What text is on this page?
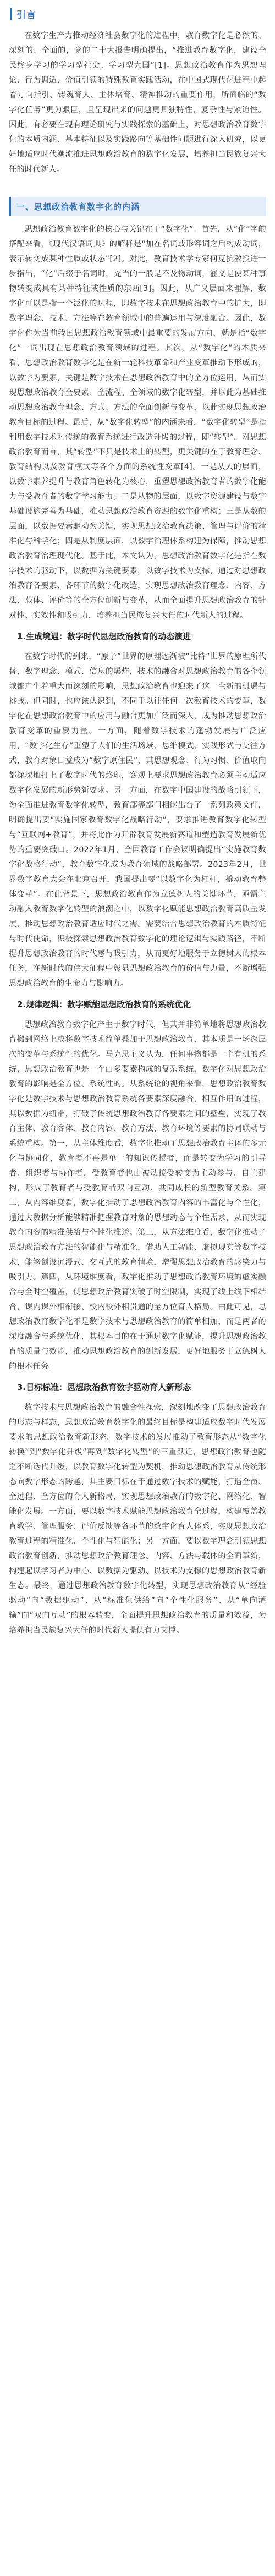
引言

在数字生产力推动经济社会数字化的进程中，教育数字化是必然的、深刻的、全面的，党的二十大报告明确提出，“推进教育数字化，建设全民终身学习的学习型社会、学习型大国”[1]。思想政治教育作为思想理论、行为调适、价值引领的特殊教育实践活动，在中国式现代化进程中起着方向指引、铸魂育人、主体培育、精神推动的重要作用，所面临的“数字化任务”更为艰巨，且呈现出来的问题更具独特性、复杂性与紧迫性。因此，有必要在现有理论研究与实践探索的基础上，对思想政治教育数字化的本质内涵、基本特征以及实践路向等基础性问题进行深入研究，以更好地适应时代潮流推进思想政治教育的数字化发展，培养担当民族复兴大任的时代新人。

一、思想政治教育数字化的内涵

思想政治教育数字化的核心与关键在于“数字化”。首先，从“化”字的搭配来看，《现代汉语词典》的解释是“加在名词或形容词之后构成动词，表示转变成某种性质或状态”[2]。对此，教育技术学专家何克抗教授进一步指出，“化”后缀于名词时，充当的一般是不及物动词，涵义是使某种事物转变成具有某种特征或性质的东西[3]。因此，从广义层面来理解，数字化可以是指一个泛化的过程，即数字技术在思想政治教育中的扩大，即数字理念、技术、方法等在教育领域中的普遍运用与深度融合。因此，数字化作为当前我国思想政治教育领域中最重要的发展方向，就是指“数字化”一词出现在思想政治教育领域的过程。其次，从“数字化”的本质来看，思想政治教育数字化是在新一轮科技革命和产业变革推动下形成的，以数字为要素，关键是数字技术在思想政治教育中的全方位运用，从而实现思想政治教育全要素、全流程、全领域的数字化转型，并以此为基础推动思想政治教育理念、方式、方法的全面创新与变革，以此实现思想政治教育目标的过程。最后，从“数字化转型”的内涵来看，“数字化转型”是指利用数字技术对传统的教育系统进行改造升级的过程，即“转型”。对思想政治教育而言，其“转型”不只是技术上的转型，更关键的在于教育理念、教育结构以及教育模式等各个方面的系统性变革[4]。一是从人的层面，以数字素养提升与教育角色转化为核心，重塑思想政治教育者的数字化能力与受教育者的数字学习能力；二是从物的层面，以数字资源建设与数字基础设施完善为基础，推动思想政治教育资源的数字化重构；三是从数的层面，以数据要素驱动为关键，实现思想政治教育决策、管理与评价的精准化与科学化；四是从制度层面，以数字治理体系构建为保障，推动思想政治教育治理现代化。基于此，本文认为，思想政治教育数字化是指在数字技术的驱动下，以数据为关键要素，以数字技术为支撑，通过对思想政治教育各要素、各环节的数字化改造，实现思想政治教育理念、内容、方法、载体、评价等的全方位创新与变革，从而全面提升思想政治教育的针对性、实效性和吸引力，培养担当民族复兴大任的时代新人的过程。

1.生成境遇：数字时代思想政治教育的动态演进

在数字时代的到来，“原子”世界的原理逐渐被“比特”世界的原理所代替，数字理念、模式、信息的爆炸，技术的融合对思想政治教育的各个领域都产生着重大而深刻的影响，思想政治教育也迎来了这一全新的机遇与挑战。但同时，也应该认识到，不同于以往任何一次教育技术的变革，数字化在思想政治教育中的应用与融合更加广泛而深入，成为推动思想政治教育变革的重要力量。一方面，随着数字技术的蓬勃发展与广泛应用，“数字化生存”重塑了人们的生活场域、思维模式、实践形式与交往方式，教育对象日益成为“数字原住民”，其思想观念、行为习惯、价值取向都深深地打上了数字时代的烙印，客观上要求思想政治教育必须主动适应数字化发展的新形势新要求。另一方面，在数字中国建设的战略引领下，为全面推进教育数字化转型，教育部等部门相继出台了一系列政策文件，明确提出要“实施国家教育数字化战略行动”，要求推进教育数字化转型与“互联网+教育”，并将此作为开辟教育发展新赛道和塑造教育发展新优势的重要突破口。2022年1月，全国教育工作会议明确提出“实施教育数字化战略行动”，教育数字化成为教育领域的战略部署。2023年2月，世界数字教育大会在北京召开，我国提出要“以数字化为杠杆，撬动教育整体变革”。在此背景下，思想政治教育作为立德树人的关键环节，亟需主动融入教育数字化转型的浪潮之中，以数字化赋能思想政治教育高质量发展，推动思想政治教育适应时代之需。需要结合思想政治教育的本质特征与时代使命，积极探索思想政治教育数字化的理论逻辑与实践路径，不断提升思想政治教育的时代感与吸引力，从而更好地服务于立德树人的根本任务，在新时代的伟大征程中彰显思想政治教育的价值与力量，不断增强思想政治教育的生命力与影响力。

2.规律逻辑：数字赋能思想政治教育的系统优化

思想政治教育数字化产生于数字时代，但其并非简单地将思想政治教育搬到网络上或将数字技术简单叠加于思想政治教育，其本质是一场深层次的变革与系统性的优化。马克思主义认为，任何事物都是一个有机的系统，思想政治教育也是一个由多要素构成的复杂系统，数字化对思想政治教育的影响是全方位、系统性的。从系统论的视角来看，思想政治教育数字化是数字技术与思想政治教育系统各要素深度融合、相互作用的过程，其以数据为纽带，打破了传统思想政治教育各要素之间的壁垒，实现了教育主体、教育客体、教育内容、教育方法、教育环境等要素的协同联动与系统重构。第一，从主体维度看，数字化推动了思想政治教育主体的多元化与协同化，教育者不再是单一的知识传授者，而是转变为学习的引导者、组织者与协作者，受教育者也由被动接受转变为主动参与、自主建构，形成了教育者与受教育者双向互动、共同成长的新型教育关系。第二，从内容维度看，数字化推动了思想政治教育内容的丰富化与个性化，通过大数据分析能够精准把握教育对象的思想动态与个性需求，从而实现教育内容的精准供给与个性化推送。第三，从方法维度看，数字化推动了思想政治教育方法的智能化与精准化，借助人工智能、虚拟现实等数字技术，能够创设沉浸式、交互式的教育情境，增强思想政治教育的感染力与吸引力。第四，从环境维度看，数字化推动了思想政治教育环境的虚实融合与全时空覆盖，使思想政治教育突破了时空限制，实现了线上线下相结合、课内课外相衔接、校内校外相贯通的全方位育人格局。由此可见，思想政治教育数字化不是数字技术与思想政治教育的简单相加，而是两者的深度融合与系统优化，其根本目的在于通过数字化赋能，提升思想政治教育的质量与效能，推动思想政治教育的创新发展，更好地服务于立德树人的根本任务。

3.目标标准：思想政治教育数字驱动育人新形态

数字技术与思想政治教育的融合性探索，深刻地改变了思想政治教育的形态与样态，思想政治教育数字化的最终目标是构建适应数字时代发展要求的思想政治教育新形态。数字技术的发展推动了教育形态从“数字化转换”到“数字化升级”再到“数字化转型”的三重跃迁，思想政治教育也随之不断迭代升级，以教育数字化转型为契机，推动思想政治教育从传统形态向数字形态的跨越，其主要目标在于通过数字技术的赋能，打造全员、全过程、全方位的育人新格局，实现思想政治教育的数字化、网络化、智能化发展。一方面，要以数字技术赋能思想政治教育全过程，构建覆盖教育教学、管理服务、评价反馈等各环节的数字化育人体系，实现思想政治教育过程的精准化、个性化与智能化；另一方面，要以数字理念引领思想政治教育创新，推动思想政治教育理念、内容、方法与载体的全面革新，构建起以学习者为中心、以数据为驱动、以技术为支撑的思想政治教育新生态。最终，通过思想政治教育数字化转型，实现思想政治教育从“经验驱动”向“数据驱动”、从“标准化供给”向“个性化服务”、从“单向灌输”向“双向互动”的根本转变，全面提升思想政治教育的质量和效益，为培养担当民族复兴大任的时代新人提供有力支撑。
